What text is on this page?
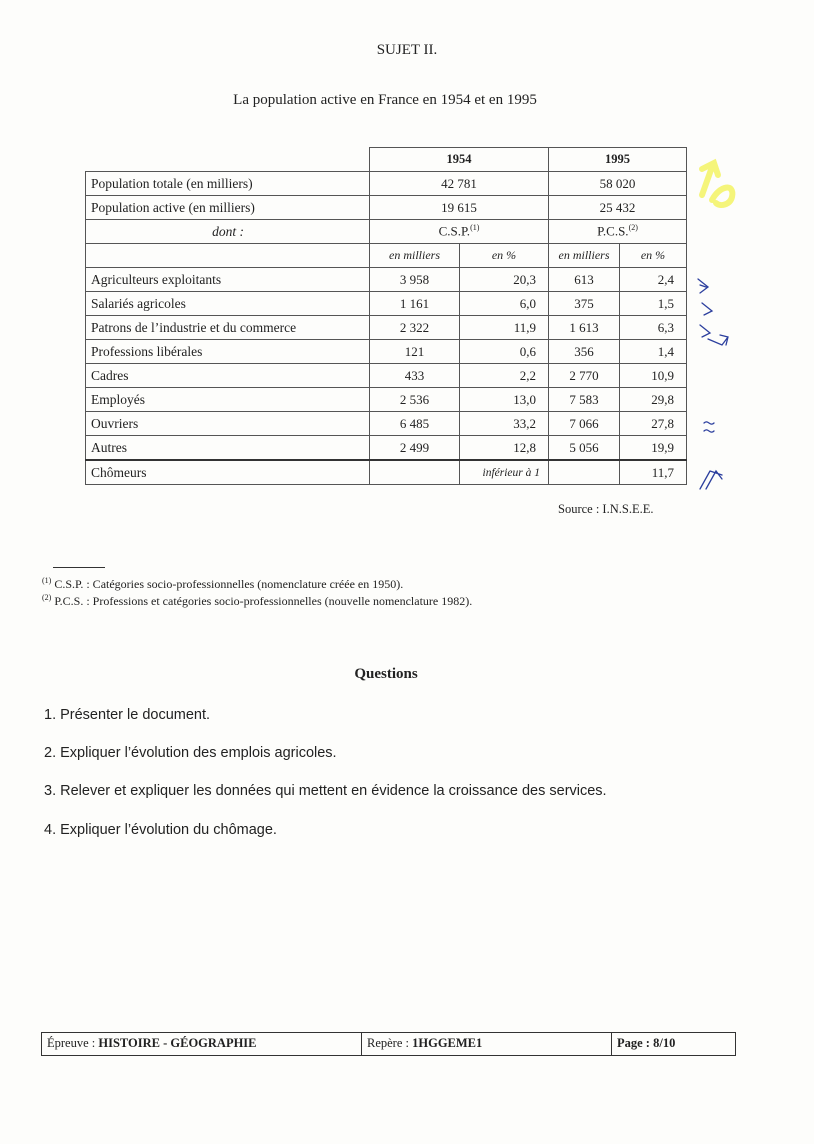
SUJET II.
La population active en France en 1954 et en 1995
	1954		1995	
Population totale (en milliers)	42 781		58 020	
Population active (en milliers)	19 615		25 432	
dont :	C.S.P.$^{(1)}$		P.C.S.$^{(2)}$
	en milliers	en %	en milliers	en %
Agriculteurs exploitants	3 958	20,3	613	2,4
Salariés agricoles	1 161	6,0	375	1,5
Patrons de l’industrie et du commerce	2 322	11,9	1 613	6,3
Professions libérales	121	0,6	356	1,4
Cadres	433	2,2	2 770	10,9
Employés	2 536	13,0	7 583	29,8
Ouvriers	6 485	33,2	7 066	27,8
Autres	2 499	12,8	5 056	19,9
Chômeurs		inférieur à 1		11,7
Source : I.N.S.E.E.
$^{(1)}$ C.S.P. : Catégories socio-professionnelles (nomenclature créée en 1950).
$^{(2)}$ P.C.S. : Professions et catégories socio-professionnelles (nouvelle nomenclature 1982).
Questions
1. Présenter le document.
2. Expliquer l’évolution des emplois agricoles.
3. Relever et expliquer les données qui mettent en évidence la croissance des services.
4. Expliquer l’évolution du chômage.
Épreuve : HISTOIRE - GÉOGRAPHIE	Repère : 1HGGEME1	Page : 8/10
